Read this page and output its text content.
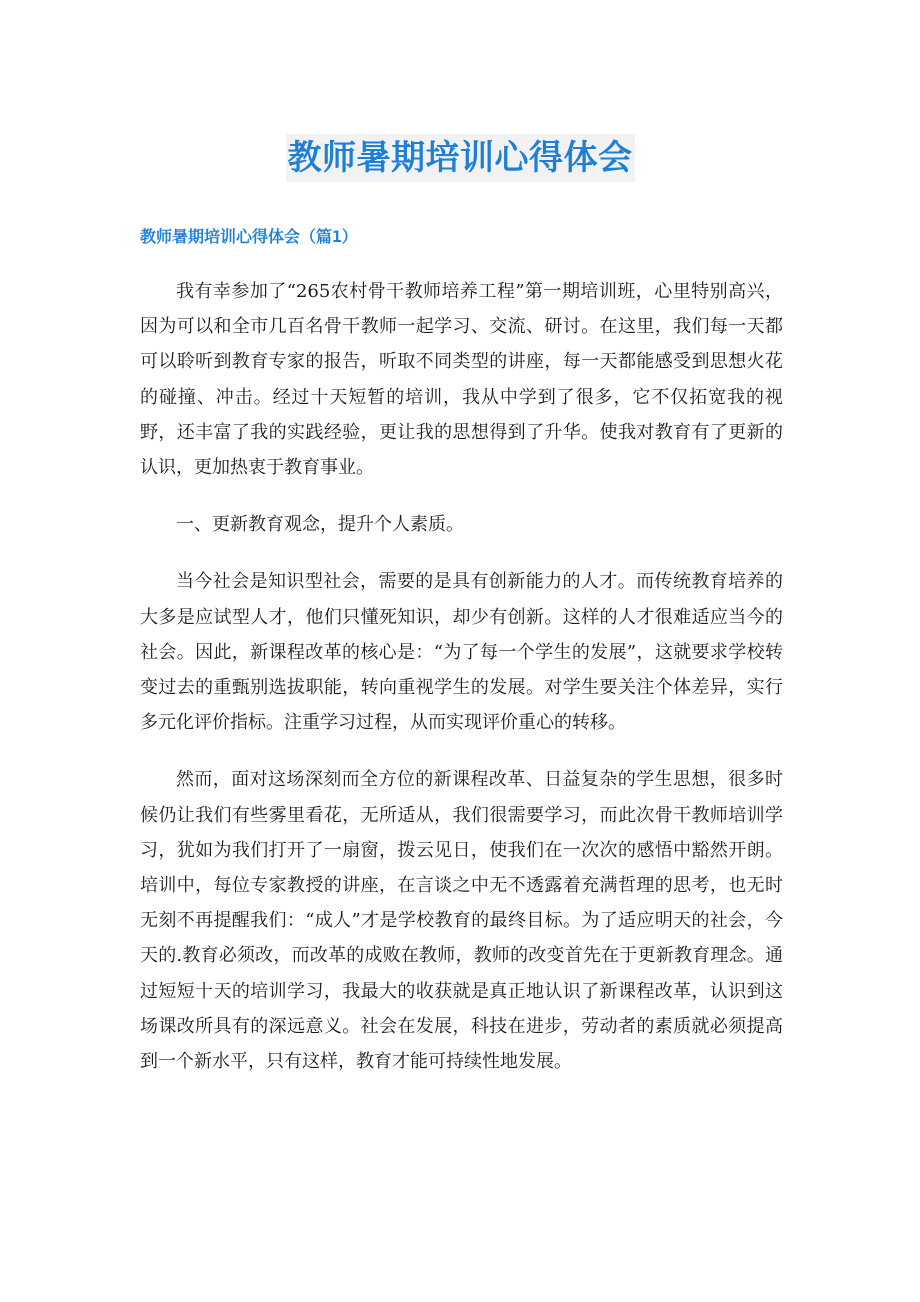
教师暑期培训心得体会
教师暑期培训心得体会（篇1）

我有幸参加了“265农村骨干教师培养工程”第一期培训班，心里特别高兴，因为可以和全市几百名骨干教师一起学习、交流、研讨。在这里，我们每一天都可以聆听到教育专家的报告，听取不同类型的讲座，每一天都能感受到思想火花的碰撞、冲击。经过十天短暂的培训，我从中学到了很多，它不仅拓宽我的视野，还丰富了我的实践经验，更让我的思想得到了升华。使我对教育有了更新的认识，更加热衷于教育事业。

一、更新教育观念，提升个人素质。

当今社会是知识型社会，需要的是具有创新能力的人才。而传统教育培养的大多是应试型人才，他们只懂死知识，却少有创新。这样的人才很难适应当今的社会。因此，新课程改革的核心是：“为了每一个学生的发展”，这就要求学校转变过去的重甄别选拔职能，转向重视学生的发展。对学生要关注个体差异，实行多元化评价指标。注重学习过程，从而实现评价重心的转移。

然而，面对这场深刻而全方位的新课程改革、日益复杂的学生思想，很多时候仍让我们有些雾里看花，无所适从，我们很需要学习，而此次骨干教师培训学习，犹如为我们打开了一扇窗，拨云见日，使我们在一次次的感悟中豁然开朗。培训中，每位专家教授的讲座，在言谈之中无不透露着充满哲理的思考，也无时无刻不再提醒我们：“成人”才是学校教育的最终目标。为了适应明天的社会，今天的.教育必须改，而改革的成败在教师，教师的改变首先在于更新教育理念。通过短短十天的培训学习，我最大的收获就是真正地认识了新课程改革，认识到这场课改所具有的深远意义。社会在发展，科技在进步，劳动者的素质就必须提高到一个新水平，只有这样，教育才能可持续性地发展。
